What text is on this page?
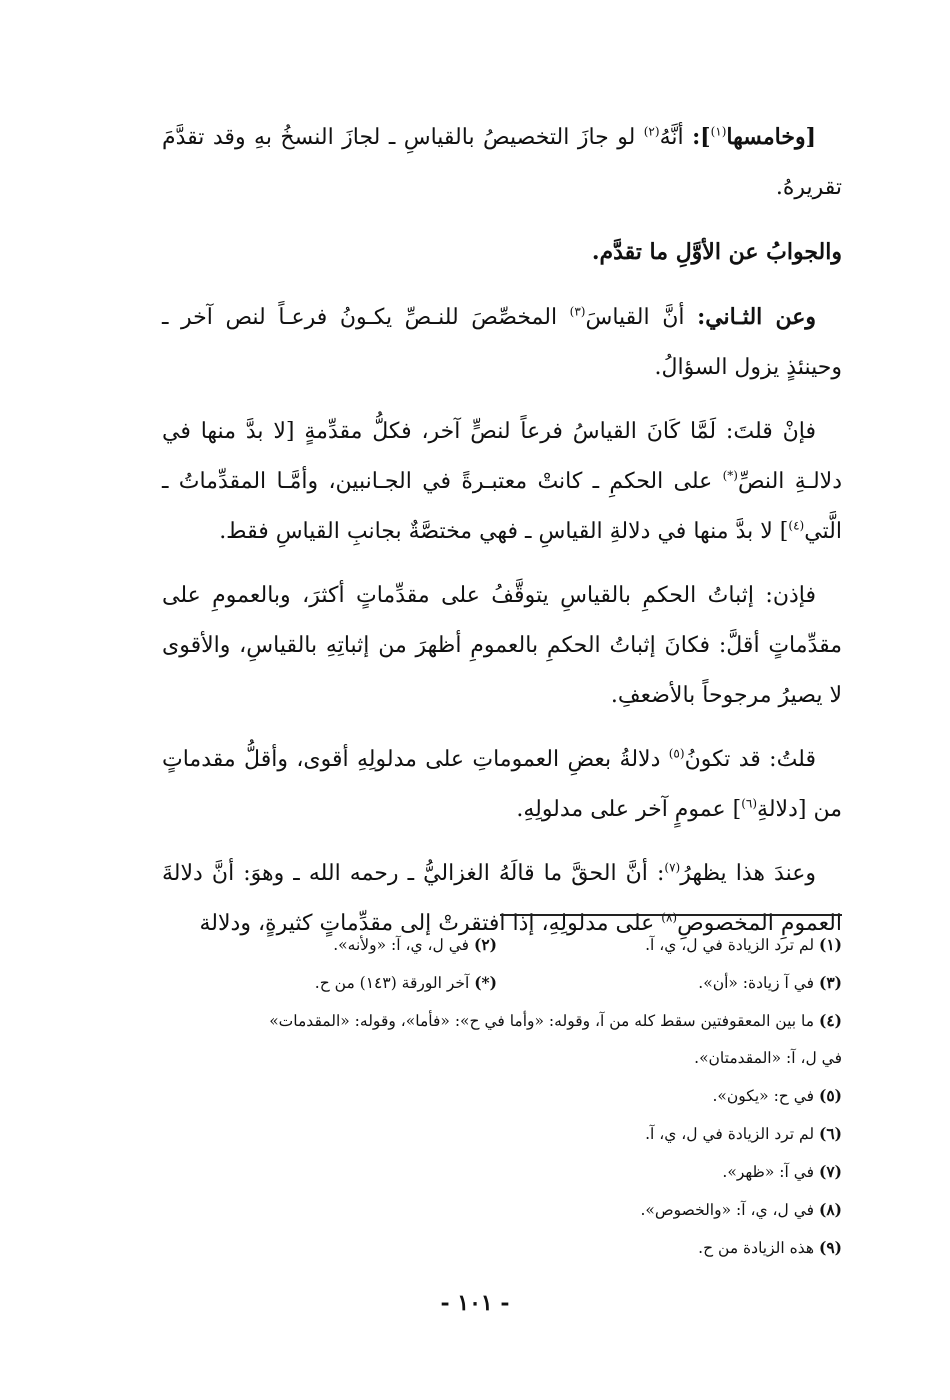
[وخامسها$^{(١)}$]: أنَّهُ$^{(٢)}$ لو جازَ التخصيصُ بالقياسِ ـ لجازَ النسخُ بهِ وقد تقدَّمَ تقريرهُ.

والجوابُ عن الأوَّلِ ما تقدَّم.

وعن الثـاني: أنَّ القياسَ$^{(٣)}$ المخصِّصَ للنـصِّ يكـونُ فرعـاً لنص آخر ـ وحينئذٍ يزول السؤالُ.

فإنْ قلتَ: لَمَّا كَانَ القياسُ فرعاً لنصٍّ آخر، فكلُّ مقدِّمةٍ [لا بدَّ منها في دلالـةِ النصِّ(*) على الحكمِ ـ كانتْ معتبـرةً في الجـانبين، وأمَّـا المقدِّماتُ ـ الَّتي$^{(٤)}$] لا بدَّ منها في دلالةِ القياسِ ـ فهي مختصَّةٌ بجانبِ القياسِ فقط.

فإذن: إثباتُ الحكمِ بالقياسِ يتوقَّفُ على مقدِّماتٍ أكثرَ، وبالعمومِ على مقدِّماتٍ أقلَّ: فكانَ إثباتُ الحكمِ بالعمومِ أظهرَ من إثباتِهِ بالقياسِ، والأقوى لا يصيرُ مرجوحاً بالأضعفِ.

قلتُ: قد تكونُ$^{(٥)}$ دلالةُ بعضِ العموماتِ على مدلولِهِ أقوى، وأقلُّ مقدماتٍ من [دلالةِ$^{(٦)}$] عمومٍ آخر على مدلولِهِ.

وعندَ هذا يظهرُ$^{(٧)}$: أنَّ الحقَّ ما قالَهُ الغزاليُّ ـ رحمه الله ـ وهوَ: أنَّ دلالةَ العمومِ المخصوصِ$^{(٨)}$ على مدلولِهِ، إذا افتقرتْ إلى مقدِّماتٍ كثيرةٍ، ودلالة

(١) لم ترد الزيادة في ل، ي، آ.
(٢) في ل، ي، آ: «ولأنه».
(٣) في آ زيادة: «أن».
(*) آخر الورقة (١٤٣) من ح.
(٤) ما بين المعقوفتين سقط كله من آ، وقوله: «وأما في ح»: «فأما»، وقوله: «المقدمات»
في ل، آ: «المقدمتان».
(٥) في ح: «يكون».
(٦) لم ترد الزيادة في ل، ي، آ.
(٧) في آ: «ظهر».
(٨) في ل، ي، آ: «والخصوص».
(٩) هذه الزيادة من ح.
- ١٠١ -
